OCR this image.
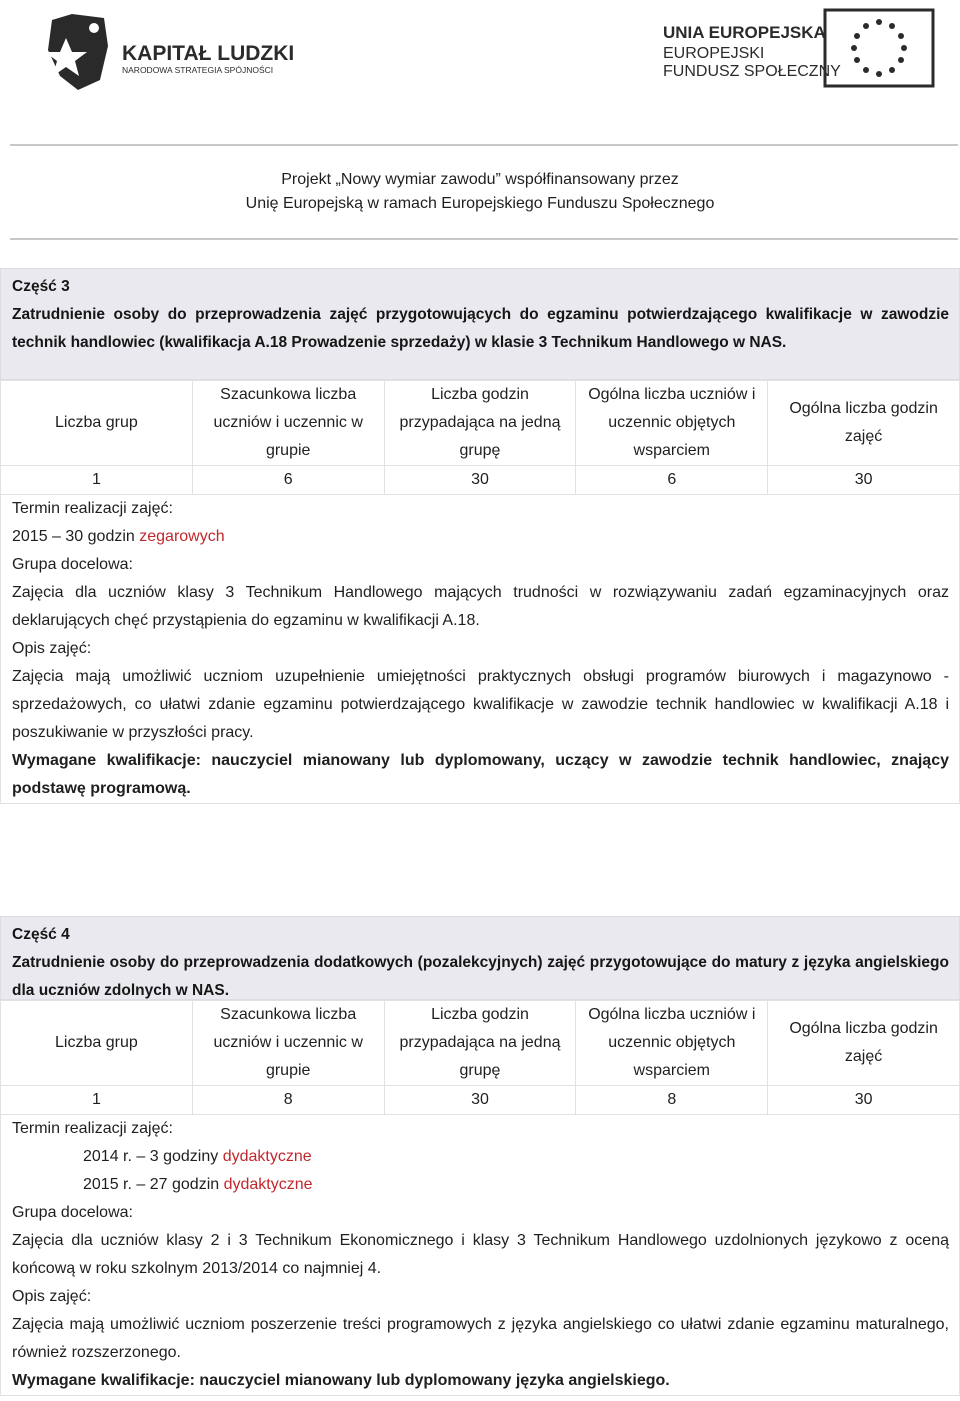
KAPITAŁ LUDZKI
NARODOWA STRATEGIA SPÓJNOŚCI
UNIA EUROPEJSKA
EUROPEJSKI
FUNDUSZ SPOŁECZNY
Projekt „Nowy wymiar zawodu” współfinansowany przez
Unię Europejską w ramach Europejskiego Funduszu Społecznego
Część 3
Zatrudnienie osoby do przeprowadzenia zajęć przygotowujących do egzaminu potwierdzającego kwalifikacje w zawodzie technik handlowiec (kwalifikacja A.18 Prowadzenie sprzedaży) w klasie 3 Technikum Handlowego w NAS.
Liczba grup	Szacunkowa liczba uczniów i uczennic w grupie	Liczba godzin przypadająca na jedną grupę	Ogólna liczba uczniów i uczennic objętych wsparciem	Ogólna liczba godzin zajęć
1	6	30	6	30
Termin realizacji zajęć:
2015 – 30 godzin zegarowych
Grupa docelowa:
Zajęcia dla uczniów klasy 3 Technikum Handlowego mających trudności w rozwiązywaniu zadań egzaminacyjnych oraz deklarujących chęć przystąpienia do egzaminu w kwalifikacji A.18.
Opis zajęć:
Zajęcia mają umożliwić uczniom uzupełnienie umiejętności praktycznych obsługi programów biurowych i magazynowo - sprzedażowych, co ułatwi zdanie egzaminu potwierdzającego kwalifikacje w zawodzie technik handlowiec w kwalifikacji A.18 i poszukiwanie w przyszłości pracy.
Wymagane kwalifikacje: nauczyciel mianowany lub dyplomowany, uczący w zawodzie technik handlowiec, znający podstawę programową.
Część 4
Zatrudnienie osoby do przeprowadzenia dodatkowych (pozalekcyjnych) zajęć przygotowujące do matury z języka angielskiego dla uczniów zdolnych w NAS.
Liczba grup	Szacunkowa liczba uczniów i uczennic w grupie	Liczba godzin przypadająca na jedną grupę	Ogólna liczba uczniów i uczennic objętych wsparciem	Ogólna liczba godzin zajęć
1	8	30	8	30
Termin realizacji zajęć:
2014 r. – 3 godziny dydaktyczne
2015 r. – 27 godzin dydaktyczne
Grupa docelowa:
Zajęcia dla uczniów klasy 2 i 3 Technikum Ekonomicznego i klasy 3 Technikum Handlowego uzdolnionych językowo z oceną końcową w roku szkolnym 2013/2014 co najmniej 4.
Opis zajęć:
Zajęcia mają umożliwić uczniom poszerzenie treści programowych z języka angielskiego co ułatwi zdanie egzaminu maturalnego, również rozszerzonego.
Wymagane kwalifikacje: nauczyciel mianowany lub dyplomowany języka angielskiego.
